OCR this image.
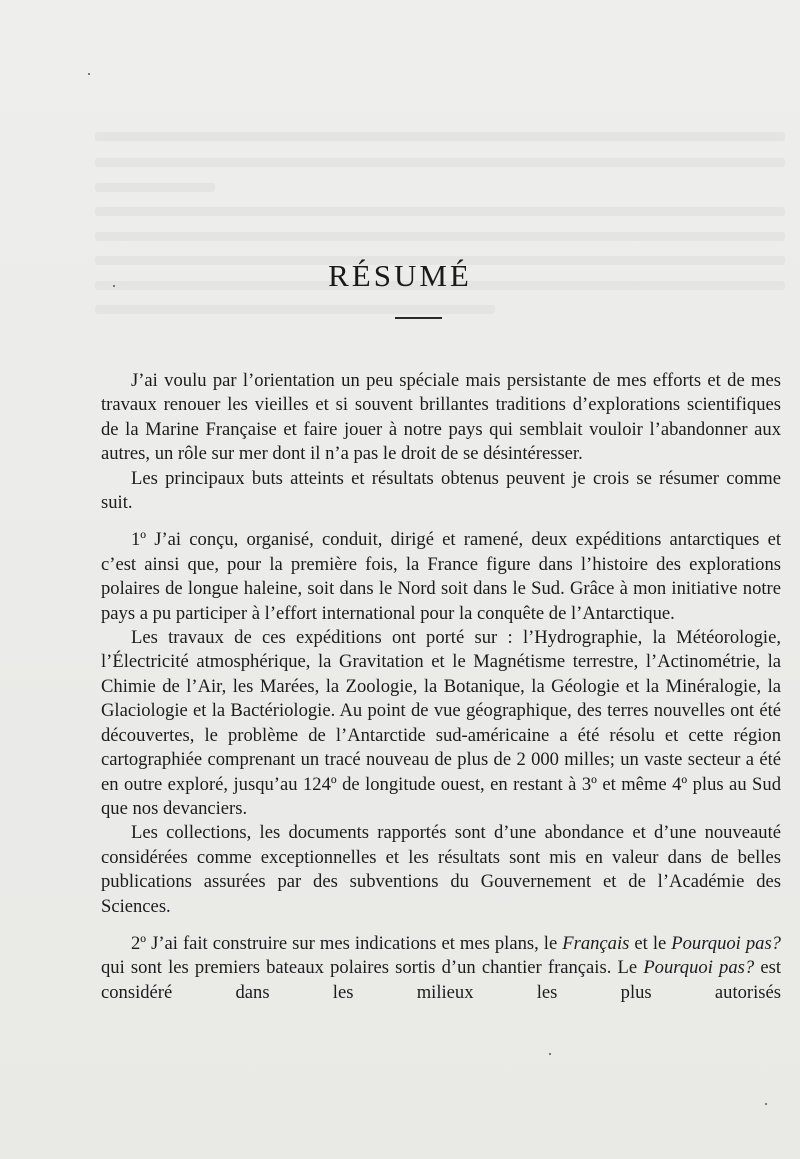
RÉSUMÉ

J’ai voulu par l’orientation un peu spéciale mais persistante de mes efforts et de mes travaux renouer les vieilles et si souvent brillantes traditions d’explorations scientifiques de la Marine Française et faire jouer à notre pays qui semblait vouloir l’abandonner aux autres, un rôle sur mer dont il n’a pas le droit de se désintéresser.

Les principaux buts atteints et résultats obtenus peuvent je crois se résumer comme suit.

1º J’ai conçu, organisé, conduit, dirigé et ramené, deux expéditions antarctiques et c’est ainsi que, pour la première fois, la France figure dans l’histoire des explorations polaires de longue haleine, soit dans le Nord soit dans le Sud. Grâce à mon initiative notre pays a pu participer à l’effort international pour la conquête de l’Antarctique.

Les travaux de ces expéditions ont porté sur : l’Hydrographie, la Météorologie, l’Électricité atmosphérique, la Gravitation et le Magnétisme terrestre, l’Actinométrie, la Chimie de l’Air, les Marées, la Zoologie, la Botanique, la Géologie et la Minéralogie, la Glaciologie et la Bactériologie. Au point de vue géographique, des terres nouvelles ont été découvertes, le problème de l’Antarctide sud-américaine a été résolu et cette région cartographiée comprenant un tracé nouveau de plus de 2 000 milles; un vaste secteur a été en outre exploré, jusqu’au 124º de longitude ouest, en restant à 3º et même 4º plus au Sud que nos devanciers.

Les collections, les documents rapportés sont d’une abondance et d’une nouveauté considérées comme exceptionnelles et les résultats sont mis en valeur dans de belles publications assurées par des subventions du Gouvernement et de l’Académie des Sciences.

2º J’ai fait construire sur mes indications et mes plans, le Français et le Pourquoi pas? qui sont les premiers bateaux polaires sortis d’un chantier français. Le Pourquoi pas? est considéré dans les milieux les plus autorisés
